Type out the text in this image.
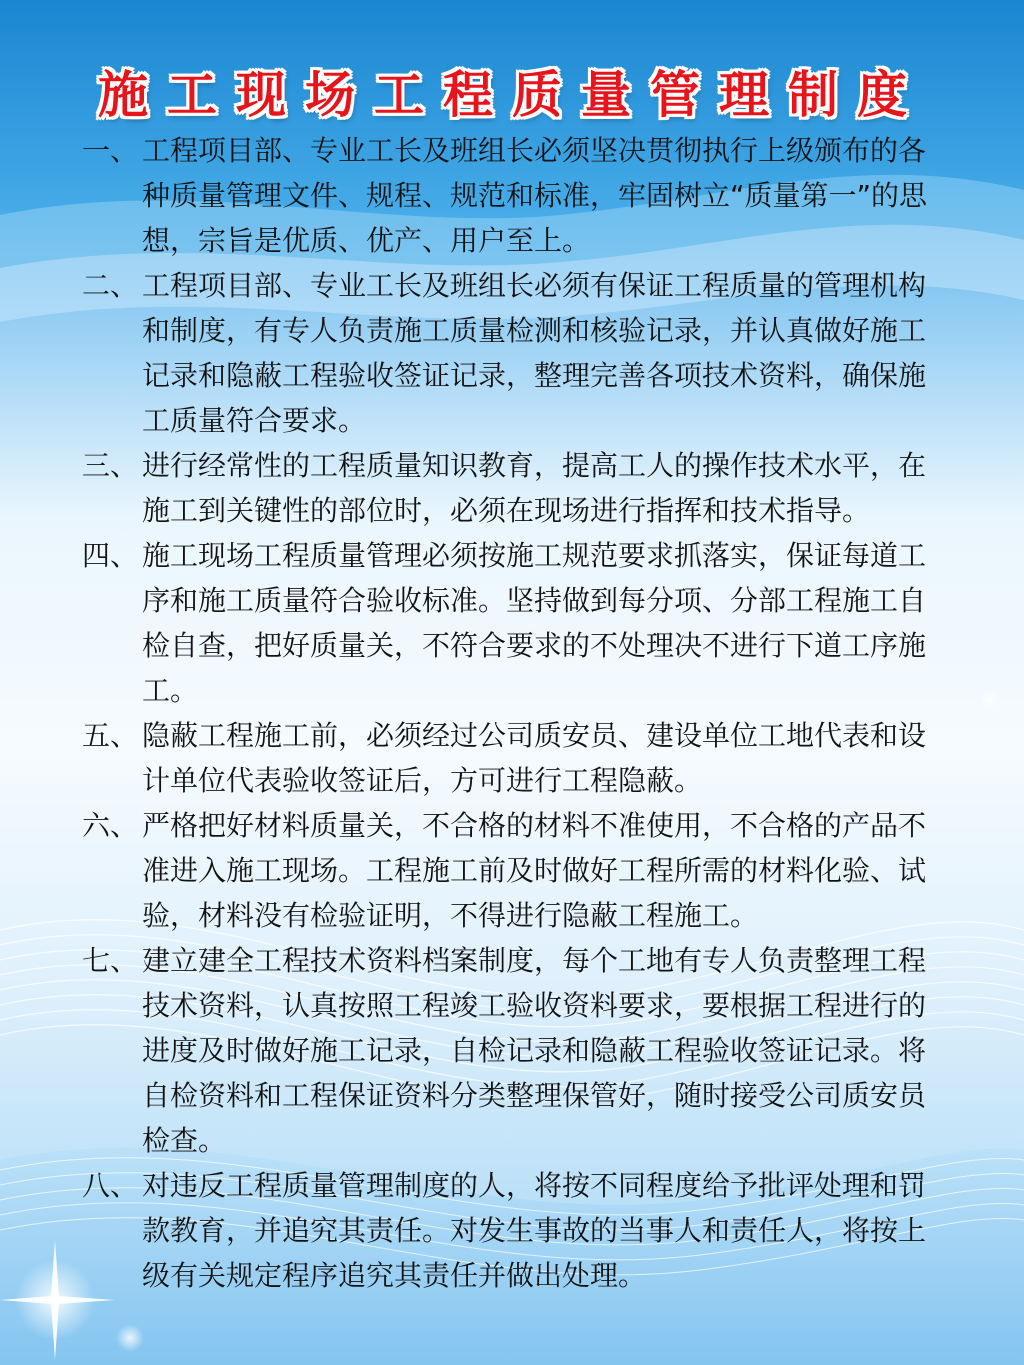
施工现场工程质量管理制度
一、 工程项目部、专业工长及班组长必须坚决贯彻执行上级颁布的各种质量管理文件、规程、规范和标准，牢固树立“质量第一”的思想，宗旨是优质、优产、用户至上。
二、 工程项目部、专业工长及班组长必须有保证工程质量的管理机构和制度，有专人负责施工质量检测和核验记录，并认真做好施工记录和隐蔽工程验收签证记录，整理完善各项技术资料，确保施工质量符合要求。
三、 进行经常性的工程质量知识教育，提高工人的操作技术水平，在施工到关键性的部位时，必须在现场进行指挥和技术指导。
四、 施工现场工程质量管理必须按施工规范要求抓落实，保证每道工序和施工质量符合验收标准。坚持做到每分项、分部工程施工自检自查，把好质量关，不符合要求的不处理决不进行下道工序施工。
五、 隐蔽工程施工前，必须经过公司质安员、建设单位工地代表和设计单位代表验收签证后，方可进行工程隐蔽。
六、 严格把好材料质量关，不合格的材料不准使用，不合格的产品不准进入施工现场。工程施工前及时做好工程所需的材料化验、试验，材料没有检验证明，不得进行隐蔽工程施工。
七、 建立建全工程技术资料档案制度，每个工地有专人负责整理工程技术资料，认真按照工程竣工验收资料要求，要根据工程进行的进度及时做好施工记录，自检记录和隐蔽工程验收签证记录。将自检资料和工程保证资料分类整理保管好，随时接受公司质安员检查。
八、 对违反工程质量管理制度的人，将按不同程度给予批评处理和罚款教育，并追究其责任。对发生事故的当事人和责任人，将按上级有关规定程序追究其责任并做出处理。
